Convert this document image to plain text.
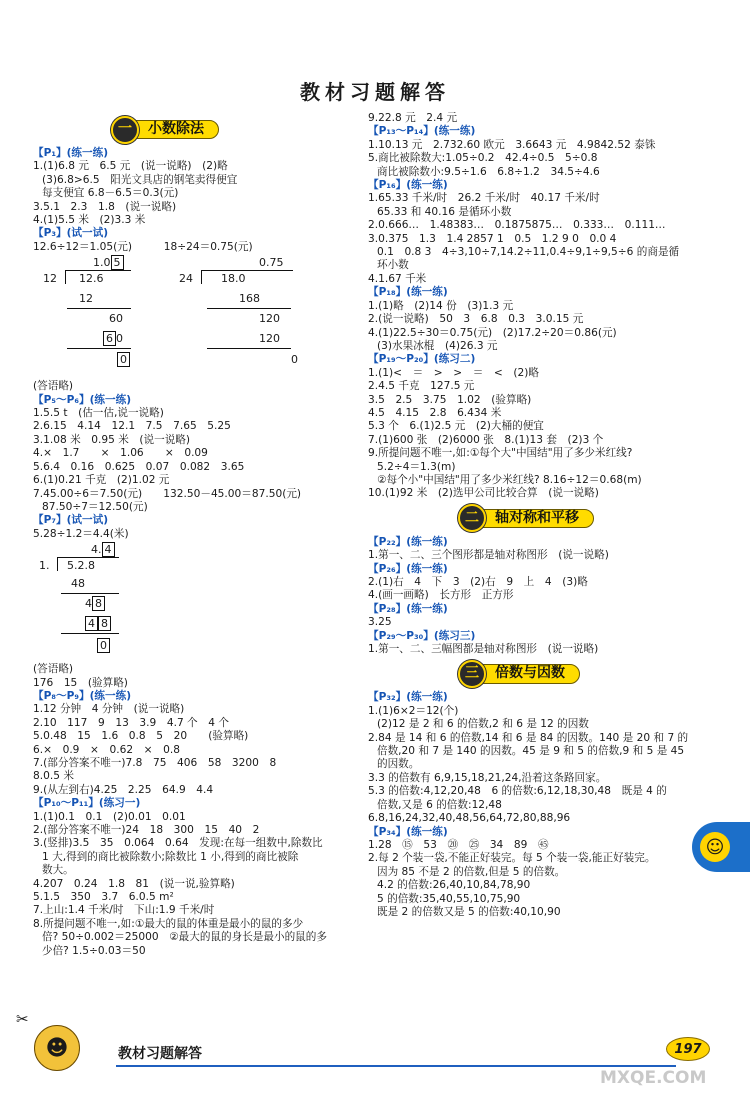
教材习题解答
一	小数除法
【P₁】(练一练)
1.(1)6.8 元　6.5 元　(说一说略)　(2)略
(3)6.8>6.5　阳光文具店的钢笔卖得便宜
每支便宜 6.8－6.5＝0.3(元)
3.5.1　2.3　1.8　(说一说略)
4.(1)5.5 米　(2)3.3 米
【P₃】(试一试)
12.6÷12＝1.05(元)　　　18÷24＝0.75(元)
1.0 5
12 12.6
12
60
6 0
0
0.75
24	18.0
168
120
120
0
(答语略)
【P₅～P₆】(练一练)
1.5.5 t　(估一估,说一说略)
2.6.15　4.14　12.1　7.5　7.65　5.25
3.1.08 米　0.95 米　(说一说略)
4.×　1.7　　×　1.06　　×　0.09
5.6.4　0.16　0.625　0.07　0.082　3.65
6.(1)0.21 千克　(2)1.02 元
7.45.00÷6＝7.50(元)　　132.50－45.00＝87.50(元)
87.50÷7＝12.50(元)
【P₇】(试一试)
5.28÷1.2＝4.4(米)
4. 4
1. 5.2.8
48
4 8
4 8
0
(答语略)
176　15　(验算略)
【P₈～P₉】(练一练)
1.12 分钟　4 分钟　(说一说略)
2.10　117　9　13　3.9　4.7 个　4 个
5.0.48　15　1.6　0.8　5　20　　(验算略)
6.×　0.9　×　0.62　×　0.8
7.(部分答案不唯一)7.8　75　406　58　3200　8
8.0.5 米
9.(从左到右)4.25　2.25　64.9　4.4
【P₁₀～P₁₁】(练习一)
1.(1)0.1　0.1　(2)0.01　0.01
2.(部分答案不唯一)24　18　300　15　40　2
3.(竖排)3.5　35　0.064　0.64　发现:在每一组数中,除数比
1 大,得到的商比被除数小;除数比 1 小,得到的商比被除
数大。
4.207　0.24　1.8　81　(说一说,验算略)
5.1.5　350　3.7　6.0.5 m²
7.上山:1.4 千米/时　下山:1.9 千米/时
8.所提问题不唯一,如:①最大的鼠的体重是最小的鼠的多少
倍? 50÷0.002＝25000　②最大的鼠的身长是最小的鼠的多
少倍? 1.5÷0.03＝50
9.22.8 元　2.4 元
【P₁₃～P₁₄】(练一练)
1.10.13 元　2.732.60 欧元　3.6643 元　4.9842.52 泰铢
5.商比被除数大:1.05÷0.2　42.4÷0.5　5÷0.8
商比被除数小:9.5÷1.6　6.8÷1.2　34.5÷4.6
【P₁₆】(练一练)
1.65.33 千米/时　26.2 千米/时　40.17 千米/时
65.33 和 40.16 是循环小数
2.0.666…　1.48383…　0.1875875…　0.333…　0.111…
3.0.375　1.3　1.4 2857 1　0.5　1.2 9 0　0.0 4
0.1　0.8 3　4÷3,10÷7,14.2÷11,0.4÷9,1÷9,5÷6 的商是循
环小数
4.1.67 千米
【P₁₈】(练一练)
1.(1)略　(2)14 份　(3)1.3 元
2.(说一说略)　50　3　6.8　0.3　3.0.15 元
4.(1)22.5÷30＝0.75(元)　(2)17.2÷20＝0.86(元)
(3)水果冰棍　(4)26.3 元
【P₁₉～P₂₀】(练习二)
1.(1)<　＝　>　>　＝　<　(2)略
2.4.5 千克　127.5 元
3.5　2.5　3.75　1.02　(验算略)
4.5　4.15　2.8　6.434 米
5.3 个　6.(1)2.5 元　(2)大桶的便宜
7.(1)600 张　(2)6000 张　8.(1)13 套　(2)3 个
9.所提问题不唯一,如:①每个大"中国结"用了多少米红线?
5.2÷4＝1.3(m)
②每个小"中国结"用了多少米红线? 8.16÷12＝0.68(m)
10.(1)92 米　(2)选甲公司比较合算　(说一说略)
二	轴对称和平移
【P₂₂】(练一练)
1.第一、二、三个图形都是轴对称图形　(说一说略)
【P₂₆】(练一练)
2.(1)右　4　下　3　(2)右　9　上　4　(3)略
4.(画一画略)　长方形　正方形
【P₂₈】(练一练)
3.25
【P₂₉～P₃₀】(练习三)
1.第一、二、三幅图都是轴对称图形　(说一说略)
三	倍数与因数
【P₃₂】(练一练)
1.(1)6×2＝12(个)
(2)12 是 2 和 6 的倍数,2 和 6 是 12 的因数
2.84 是 14 和 6 的倍数,14 和 6 是 84 的因数。140 是 20 和 7 的
倍数,20 和 7 是 140 的因数。45 是 9 和 5 的倍数,9 和 5 是 45
的因数。
3.3 的倍数有 6,9,15,18,21,24,沿着这条路回家。
5.3 的倍数:4,12,20,48　6 的倍数:6,12,18,30,48　既是 4 的
倍数,又是 6 的倍数:12,48
6.8,16,24,32,40,48,56,64,72,80,88,96
【P₃₄】(练一练)
1.28　⑮　53　⑳　㉕　34　89　㊺
2.每 2 个装一袋,不能正好装完。每 5 个装一袋,能正好装完。
因为 85 不是 2 的倍数,但是 5 的倍数。
4.2 的倍数:26,40,10,84,78,90
5 的倍数:35,40,55,10,75,90
既是 2 的倍数又是 5 的倍数:40,10,90
☺
✂
☻	教材习题解答	197
MXQE.COM
